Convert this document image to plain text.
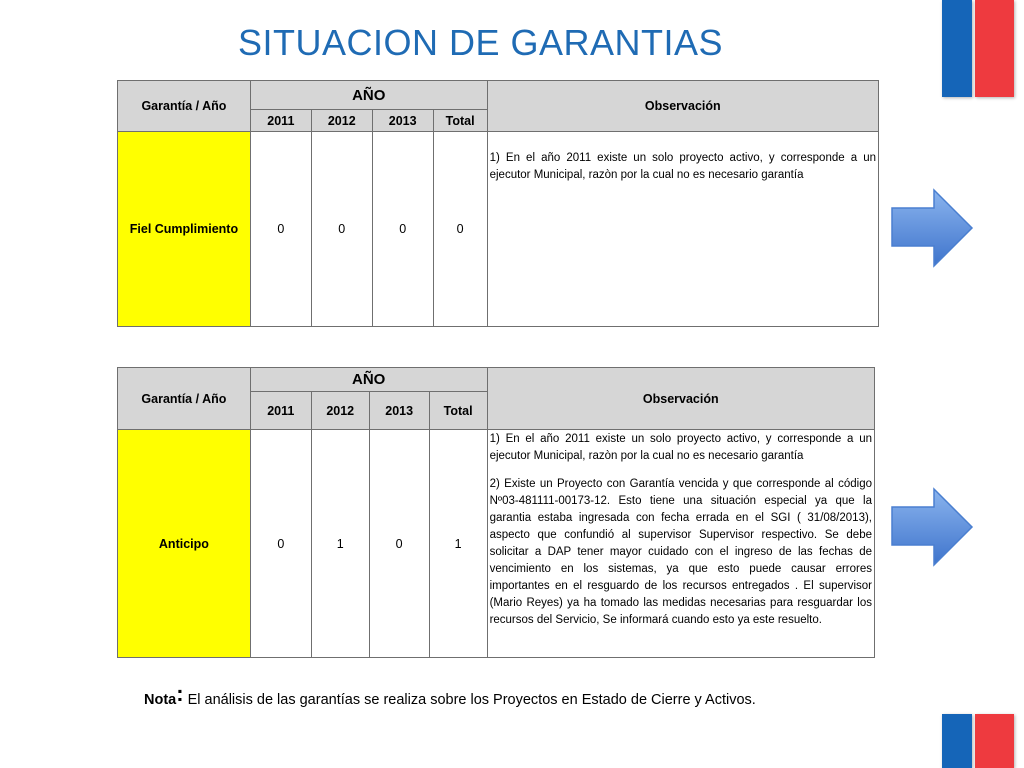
SITUACION DE GARANTIAS
Garantía / Año	AÑO				Observación
	2011	2012	2013	Total	
Fiel Cumplimiento	0	0	0	0	1) En el año 2011 existe un solo proyecto activo, y corresponde a un ejecutor Municipal, razòn por la cual no es necesario garantía

Garantía / Año	AÑO				Observación
	2011	2012	2013	Total	
Anticipo	0	1	0	1	1) En el año 2011 existe un solo proyecto activo, y corresponde a un ejecutor Municipal, razòn por la cual no es necesario garantía

2) Existe un Proyecto con Garantía vencida y que corresponde al código Nº03-481111-00173-12. Esto tiene una situación especial ya que la garantia estaba ingresada con fecha errada en el SGI ( 31/08/2013), aspecto que confundió al supervisor Supervisor respectivo. Se debe solicitar a DAP tener mayor cuidado con el ingreso de las fechas de vencimiento en los sistemas, ya que esto puede causar errores importantes en el resguardo de los recursos entregados . El supervisor (Mario Reyes) ya ha tomado las medidas necesarias para resguardar los recursos del Servicio, Se informará cuando esto ya este resuelto.

Nota: El análisis de las garantías se realiza sobre los Proyectos en Estado de Cierre y Activos.
